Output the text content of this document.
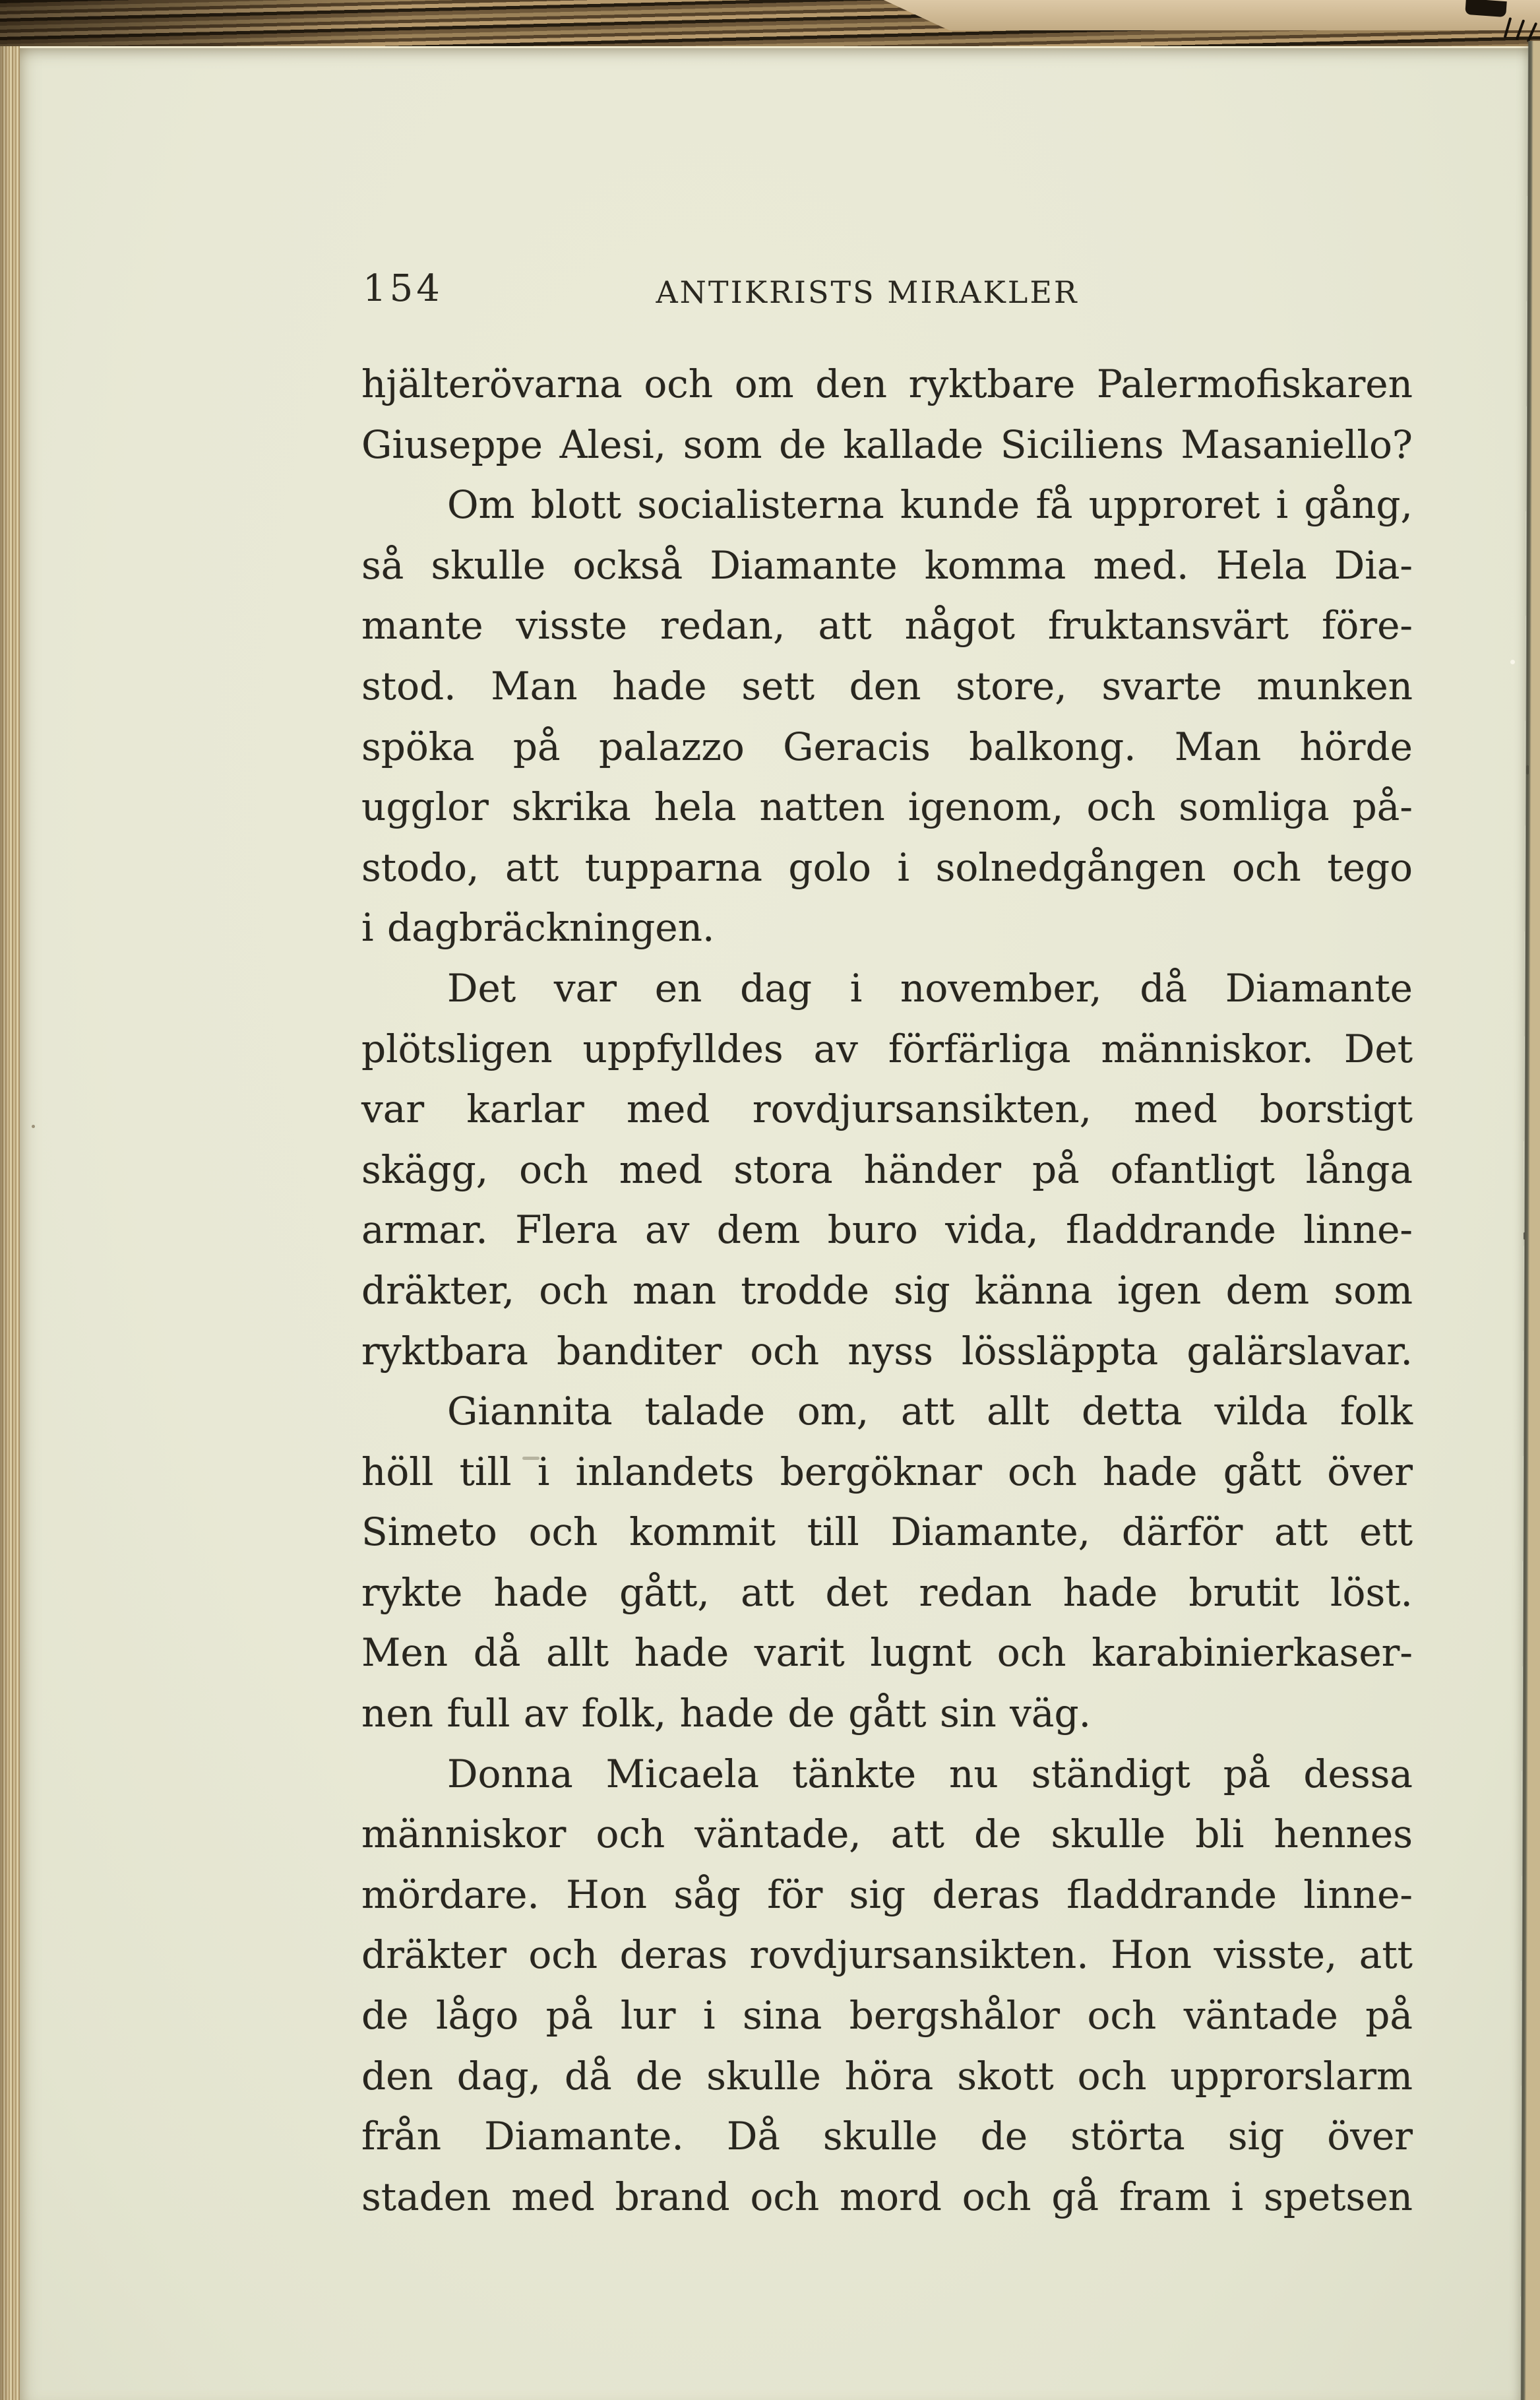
154	ANTIKRISTS MIRAKLER
hjälterövarna och om den ryktbare Palermofiskaren
Giuseppe Alesi, som de kallade Siciliens Masaniello?
Om blott socialisterna kunde få upproret i gång,
så skulle också Diamante komma med. Hela Dia-
mante visste redan, att något fruktansvärt före-
stod. Man hade sett den store, svarte munken
spöka på palazzo Geracis balkong. Man hörde
ugglor skrika hela natten igenom, och somliga på-
stodo, att tupparna golo i solnedgången och tego
i dagbräckningen.
Det var en dag i november, då Diamante
plötsligen uppfylldes av förfärliga människor. Det
var karlar med rovdjursansikten, med borstigt
skägg, och med stora händer på ofantligt långa
armar. Flera av dem buro vida, fladdrande linne-
dräkter, och man trodde sig känna igen dem som
ryktbara banditer och nyss lössläppta galärslavar.
Giannita talade om, att allt detta vilda folk
höll till i inlandets bergöknar och hade gått över
Simeto och kommit till Diamante, därför att ett
rykte hade gått, att det redan hade brutit löst.
Men då allt hade varit lugnt och karabinierkaser-
nen full av folk, hade de gått sin väg.
Donna Micaela tänkte nu ständigt på dessa
människor och väntade, att de skulle bli hennes
mördare. Hon såg för sig deras fladdrande linne-
dräkter och deras rovdjursansikten. Hon visste, att
de lågo på lur i sina bergshålor och väntade på
den dag, då de skulle höra skott och upprorslarm
från Diamante. Då skulle de störta sig över
staden med brand och mord och gå fram i spetsen
